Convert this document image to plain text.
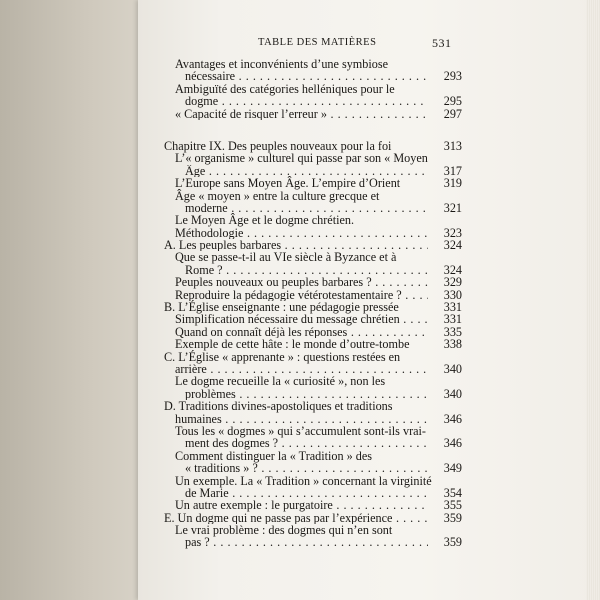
TABLE DES MATIÈRES	531
Avantages et inconvénients d’une symbiose
nécessaire . . .	293
Ambiguïté des catégories helléniques pour le
dogme . . .	295
« Capacité de risquer l’erreur » . . .	297
Chapitre IX. Des peuples nouveaux pour la foi	313
L’« organisme » culturel qui passe par son « Moyen
Âge . . .	317
L’Europe sans Moyen Âge. L’empire d’Orient	319
Âge « moyen » entre la culture grecque et
moderne . . .	321
Le Moyen Âge et le dogme chrétien.
Méthodologie . . .	323
A. Les peuples barbares . . .	324
Que se passe-t-il au VIe siècle à Byzance et à
Rome ? . . .	324
Peuples nouveaux ou peuples barbares ? . . .	329
Reproduire la pédagogie vétérotestamentaire ? . . .	330
B. L’Église enseignante : une pédagogie pressée	331
Simplification nécessaire du message chrétien . . .	331
Quand on connaît déjà les réponses . . .	335
Exemple de cette hâte : le monde d’outre-tombe	338
C. L’Église « apprenante » : questions restées en
arrière . . .	340
Le dogme recueille la « curiosité », non les
problèmes . . .	340
D. Traditions divines-apostoliques et traditions
humaines . . .	346
Tous les « dogmes » qui s’accumulent sont-ils vrai-
ment des dogmes ? . . .	346
Comment distinguer la « Tradition » des
« traditions » ? . . .	349
Un exemple. La « Tradition » concernant la virginité
de Marie . . .	354
Un autre exemple : le purgatoire . . .	355
E. Un dogme qui ne passe pas par l’expérience . . .	359
Le vrai problème : des dogmes qui n’en sont
pas ? . . .	359
